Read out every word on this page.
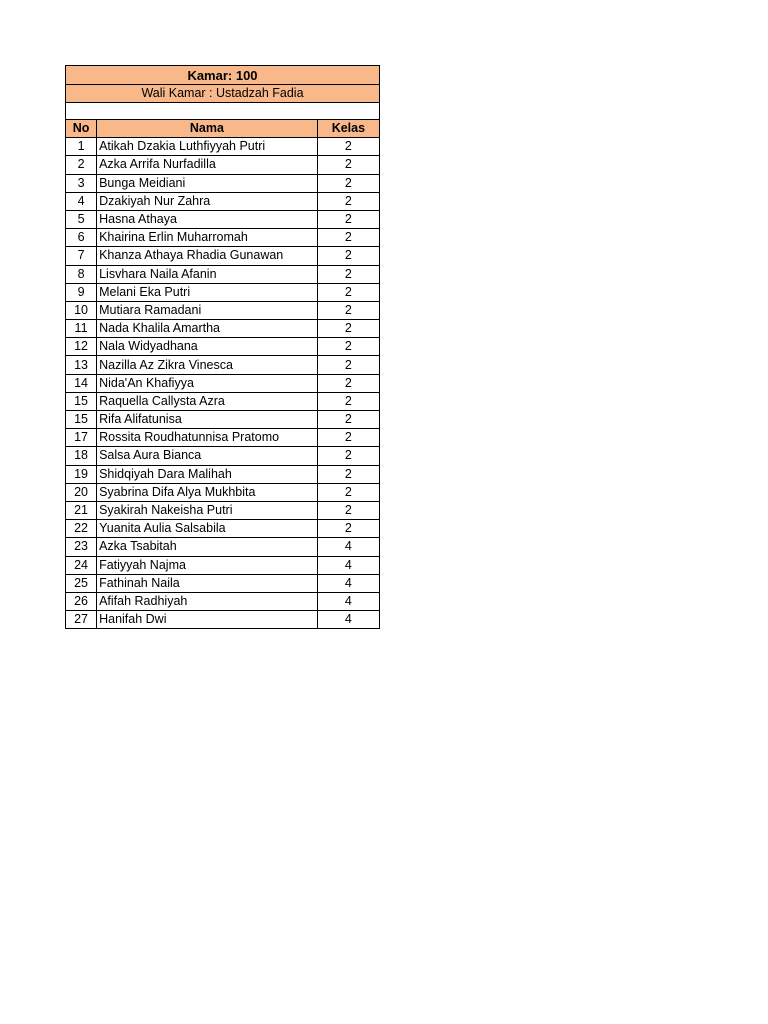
Kamar: 100		
Wali Kamar : Ustadzah Fadia		

No	Nama	Kelas
1	Atikah Dzakia Luthfiyyah Putri	2
2	Azka Arrifa Nurfadilla	2
3	Bunga Meidiani	2
4	Dzakiyah Nur Zahra	2
5	Hasna Athaya	2
6	Khairina Erlin Muharromah	2
7	Khanza Athaya Rhadia Gunawan	2
8	Lisvhara Naila Afanin	2
9	Melani Eka Putri	2
10	Mutiara Ramadani	2
11	Nada Khalila Amartha	2
12	Nala Widyadhana	2
13	Nazilla Az Zikra Vinesca	2
14	Nida'An Khafiyya	2
15	Raquella Callysta Azra	2
15	Rifa Alifatunisa	2
17	Rossita Roudhatunnisa Pratomo	2
18	Salsa Aura Bianca	2
19	Shidqiyah Dara Malihah	2
20	Syabrina Difa Alya Mukhbita	2
21	Syakirah Nakeisha Putri	2
22	Yuanita Aulia Salsabila	2
23	Azka Tsabitah	4
24	Fatiyyah Najma	4
25	Fathinah Naila	4
26	Afifah Radhiyah	4
27	Hanifah Dwi	4
